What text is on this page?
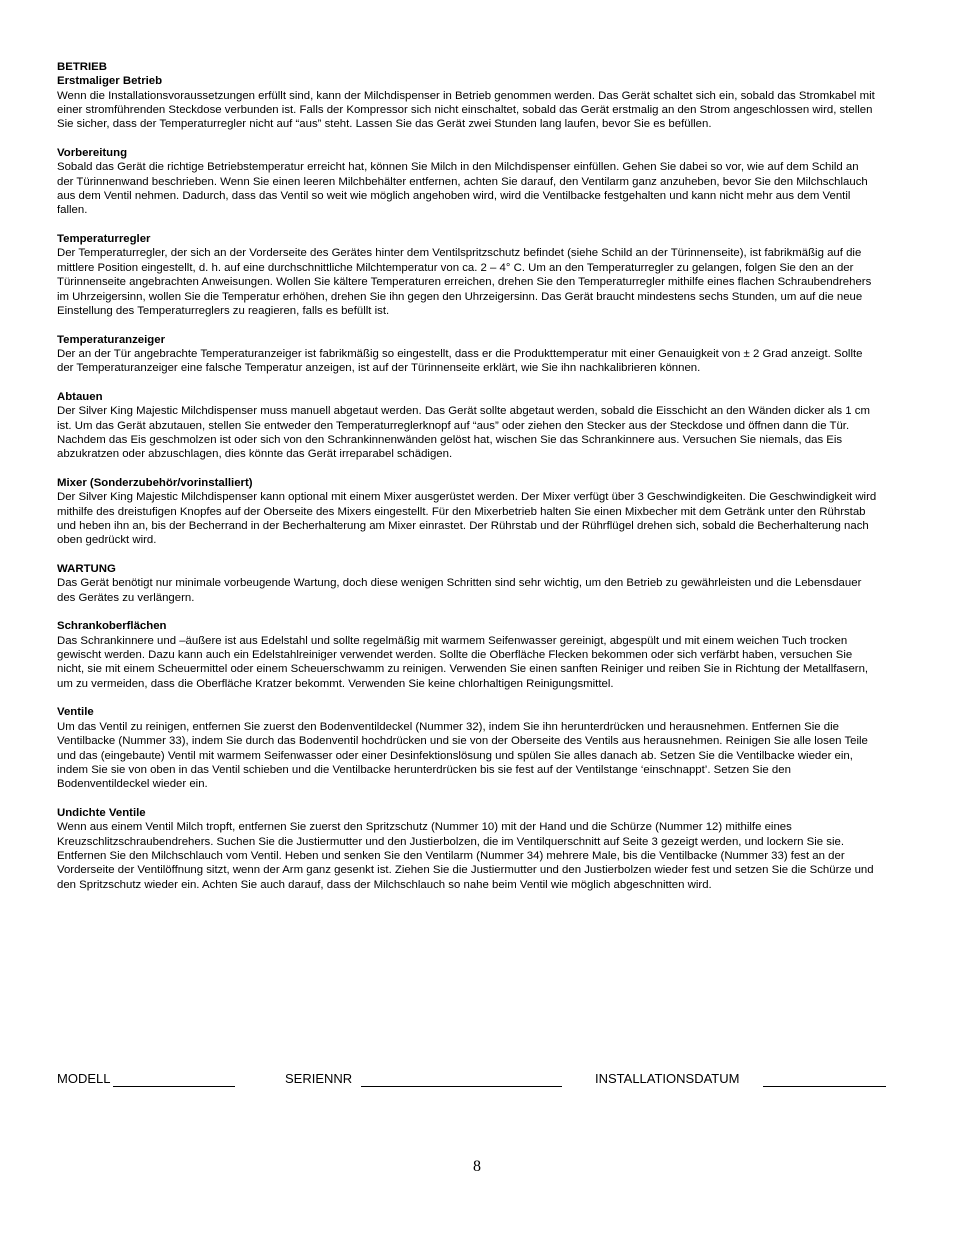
BETRIEB
Erstmaliger Betrieb
Wenn die Installationsvoraussetzungen erfüllt sind, kann der Milchdispenser in Betrieb genommen werden. Das Gerät schaltet sich ein, sobald das Stromkabel mit einer stromführenden Steckdose verbunden ist. Falls der Kompressor sich nicht einschaltet, sobald das Gerät erstmalig an den Strom angeschlossen wird, stellen Sie sicher, dass der Temperaturregler nicht auf “aus” steht. Lassen Sie das Gerät zwei Stunden lang laufen, bevor Sie es befüllen.
Vorbereitung
Sobald das Gerät die richtige Betriebstemperatur erreicht hat, können Sie Milch in den Milchdispenser einfüllen. Gehen Sie dabei so vor, wie auf dem Schild an der Türinnenwand beschrieben. Wenn Sie einen leeren Milchbehälter entfernen, achten Sie darauf, den Ventilarm ganz anzuheben, bevor Sie den Milchschlauch aus dem Ventil nehmen. Dadurch, dass das Ventil so weit wie möglich angehoben wird, wird die Ventilbacke festgehalten und kann nicht mehr aus dem Ventil fallen.
Temperaturregler
Der Temperaturregler, der sich an der Vorderseite des Gerätes hinter dem Ventilspritzschutz befindet (siehe Schild an der Türinnenseite), ist fabrikmäßig auf die mittlere Position eingestellt, d. h. auf eine durchschnittliche Milchtemperatur von ca. 2 – 4° C. Um an den Temperaturregler zu gelangen, folgen Sie den an der Türinnenseite angebrachten Anweisungen. Wollen Sie kältere Temperaturen erreichen, drehen Sie den Temperaturregler mithilfe eines flachen Schraubendrehers im Uhrzeigersinn, wollen Sie die Temperatur erhöhen, drehen Sie ihn gegen den Uhrzeigersinn. Das Gerät braucht mindestens sechs Stunden, um auf die neue Einstellung des Temperaturreglers zu reagieren, falls es befüllt ist.
Temperaturanzeiger
Der an der Tür angebrachte Temperaturanzeiger ist fabrikmäßig so eingestellt, dass er die Produkttemperatur mit einer Genauigkeit von ± 2 Grad anzeigt. Sollte der Temperaturanzeiger eine falsche Temperatur anzeigen, ist auf der Türinnenseite erklärt, wie Sie ihn nachkalibrieren können.
Abtauen
Der Silver King Majestic Milchdispenser muss manuell abgetaut werden. Das Gerät sollte abgetaut werden, sobald die Eisschicht an den Wänden dicker als 1 cm ist. Um das Gerät abzutauen, stellen Sie entweder den Temperaturreglerknopf auf “aus” oder ziehen den Stecker aus der Steckdose und öffnen dann die Tür. Nachdem das Eis geschmolzen ist oder sich von den Schrankinnenwänden gelöst hat, wischen Sie das Schrankinnere aus. Versuchen Sie niemals, das Eis abzukratzen oder abzuschlagen, dies könnte das Gerät irreparabel schädigen.
Mixer (Sonderzubehör/vorinstalliert)
Der Silver King Majestic Milchdispenser kann optional mit einem Mixer ausgerüstet werden. Der Mixer verfügt über 3 Geschwindigkeiten. Die Geschwindigkeit wird mithilfe des dreistufigen Knopfes auf der Oberseite des Mixers eingestellt. Für den Mixerbetrieb halten Sie einen Mixbecher mit dem Getränk unter den Rührstab und heben ihn an, bis der Becherrand in der Becherhalterung am Mixer einrastet. Der Rührstab und der Rührflügel drehen sich, sobald die Becherhalterung nach oben gedrückt wird.
WARTUNG
Das Gerät benötigt nur minimale vorbeugende Wartung, doch diese wenigen Schritten sind sehr wichtig, um den Betrieb zu gewährleisten und die Lebensdauer des Gerätes zu verlängern.
Schrankoberflächen
Das Schrankinnere und –äußere ist aus Edelstahl und sollte regelmäßig mit warmem Seifenwasser gereinigt, abgespült und mit einem weichen Tuch trocken gewischt werden. Dazu kann auch ein Edelstahlreiniger verwendet werden. Sollte die Oberfläche Flecken bekommen oder sich verfärbt haben, versuchen Sie nicht, sie mit einem Scheuermittel oder einem Scheuerschwamm zu reinigen. Verwenden Sie einen sanften Reiniger und reiben Sie in Richtung der Metallfasern, um zu vermeiden, dass die Oberfläche Kratzer bekommt. Verwenden Sie keine chlorhaltigen Reinigungsmittel.
Ventile
Um das Ventil zu reinigen, entfernen Sie zuerst den Bodenventildeckel (Nummer 32), indem Sie ihn herunterdrücken und herausnehmen. Entfernen Sie die Ventilbacke (Nummer 33), indem Sie durch das Bodenventil hochdrücken und sie von der Oberseite des Ventils aus herausnehmen. Reinigen Sie alle losen Teile und das (eingebaute) Ventil mit warmem Seifenwasser oder einer Desinfektionslösung und spülen Sie alles danach ab. Setzen Sie die Ventilbacke wieder ein, indem Sie sie von oben in das Ventil schieben und die Ventilbacke herunterdrücken bis sie fest auf der Ventilstange ‘einschnappt’. Setzen Sie den Bodenventildeckel wieder ein.
Undichte Ventile
Wenn aus einem Ventil Milch tropft, entfernen Sie zuerst den Spritzschutz (Nummer 10) mit der Hand und die Schürze (Nummer 12) mithilfe eines Kreuzschlitzschraubendrehers. Suchen Sie die Justiermutter und den Justierbolzen, die im Ventilquerschnitt auf Seite 3 gezeigt werden, und lockern Sie sie. Entfernen Sie den Milchschlauch vom Ventil. Heben und senken Sie den Ventilarm (Nummer 34) mehrere Male, bis die Ventilbacke (Nummer 33) fest an der Vorderseite der Ventilöffnung sitzt, wenn der Arm ganz gesenkt ist. Ziehen Sie die Justiermutter und den Justierbolzen wieder fest und setzen Sie die Schürze und den Spritzschutz wieder ein. Achten Sie auch darauf, dass der Milchschlauch so nahe beim Ventil wie möglich abgeschnitten wird.
MODELL	SERIENNR	INSTALLATIONSDATUM
8
